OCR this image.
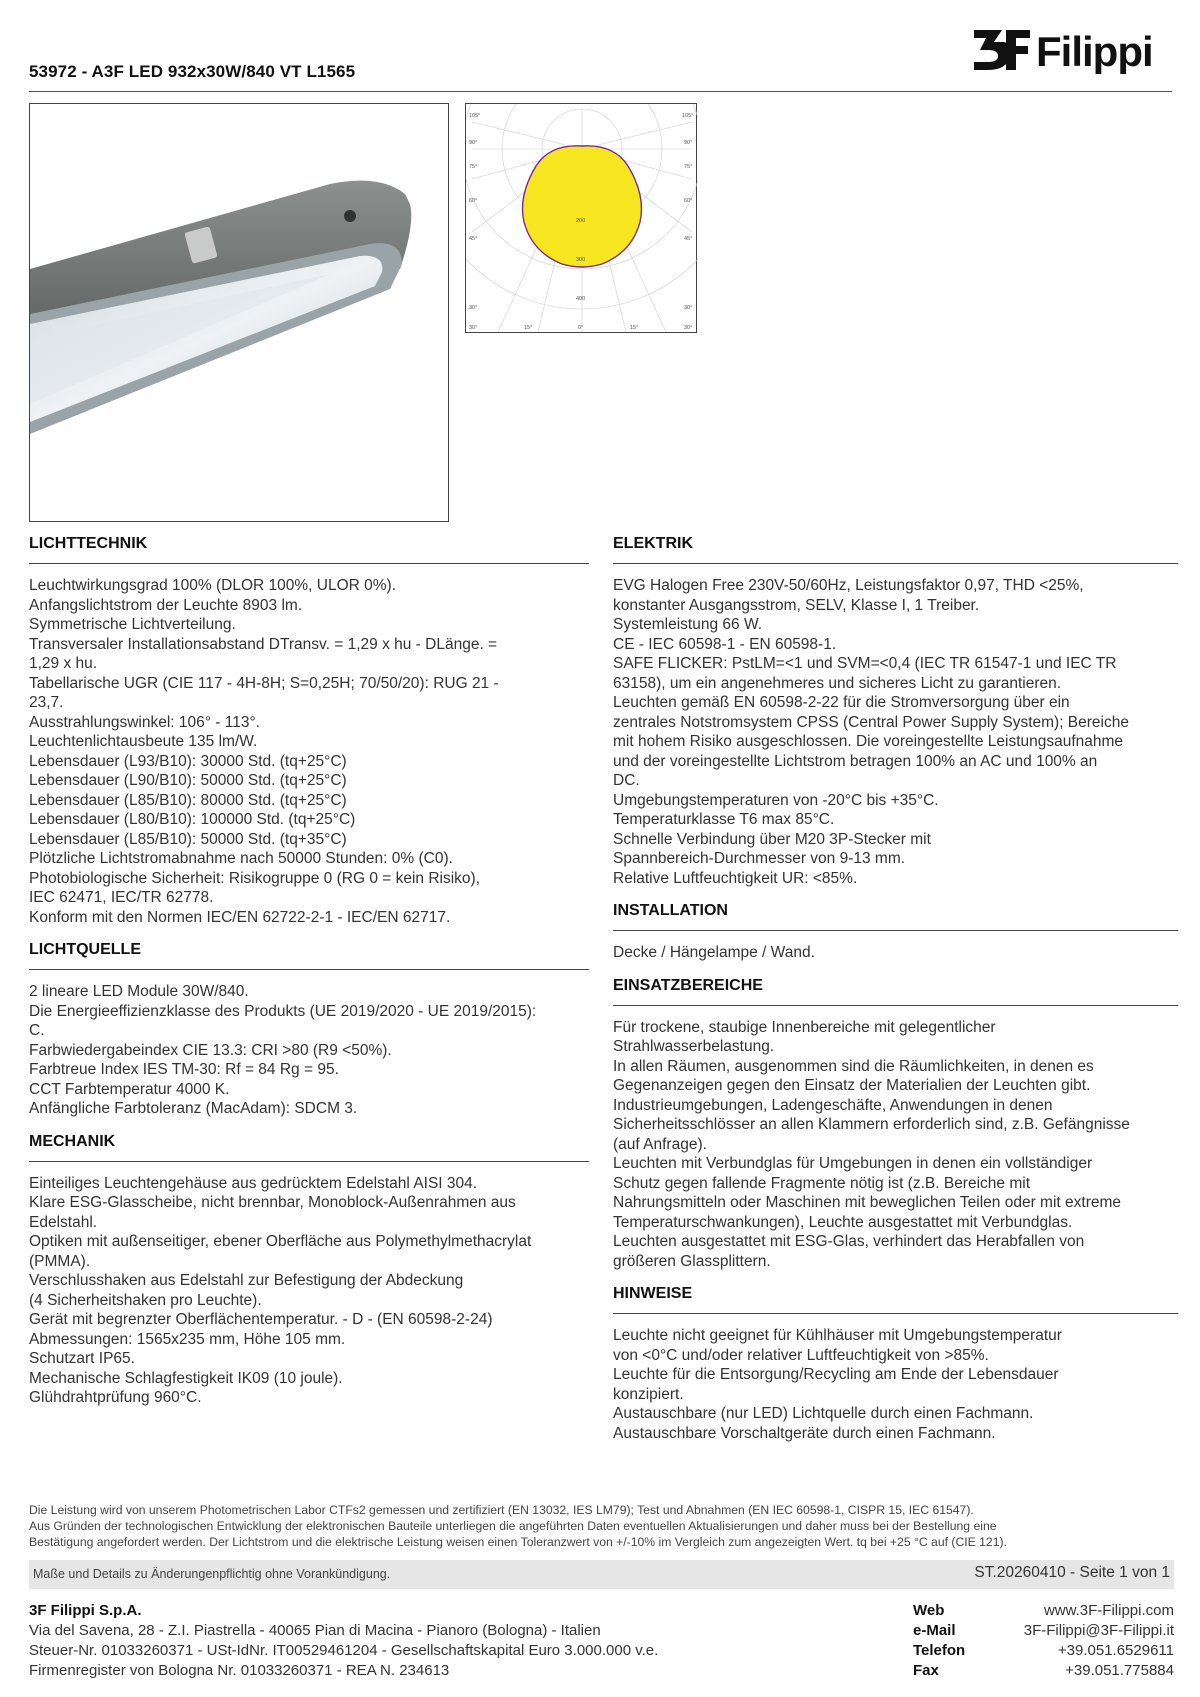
53972 - A3F LED 932x30W/840 VT L1565	Filippi
105°
90°
75°
60°
45°
30°
105°
90°
75°
60°
45°
30°
30°	15°	0°	15°	30°
200
300
400
LICHTTECHNIK
Leuchtwirkungsgrad 100% (DLOR 100%, ULOR 0%).
Anfangslichtstrom der Leuchte 8903 lm.
Symmetrische Lichtverteilung.
Transversaler Installationsabstand DTransv. = 1,29 x hu - DLänge. =
1,29 x hu.
Tabellarische UGR (CIE 117 - 4H-8H; S=0,25H; 70/50/20): RUG 21 -
23,7.
Ausstrahlungswinkel: 106° - 113°.
Leuchtenlichtausbeute 135 lm/W.
Lebensdauer (L93/B10): 30000 Std. (tq+25°C)
Lebensdauer (L90/B10): 50000 Std. (tq+25°C)
Lebensdauer (L85/B10): 80000 Std. (tq+25°C)
Lebensdauer (L80/B10): 100000 Std. (tq+25°C)
Lebensdauer (L85/B10): 50000 Std. (tq+35°C)
Plötzliche Lichtstromabnahme nach 50000 Stunden: 0% (C0).
Photobiologische Sicherheit: Risikogruppe 0 (RG 0 = kein Risiko),
IEC 62471, IEC/TR 62778.
Konform mit den Normen IEC/EN 62722-2-1 - IEC/EN 62717.
LICHTQUELLE
2 lineare LED Module 30W/840.
Die Energieeffizienzklasse des Produkts (UE 2019/2020 - UE 2019/2015):
C.
Farbwiedergabeindex CIE 13.3: CRI >80 (R9 <50%).
Farbtreue Index IES TM-30: Rf = 84 Rg = 95.
CCT Farbtemperatur 4000 K.
Anfängliche Farbtoleranz (MacAdam): SDCM 3.
MECHANIK
Einteiliges Leuchtengehäuse aus gedrücktem Edelstahl AISI 304.
Klare ESG-Glasscheibe, nicht brennbar, Monoblock-Außenrahmen aus
Edelstahl.
Optiken mit außenseitiger, ebener Oberfläche aus Polymethylmethacrylat
(PMMA).
Verschlusshaken aus Edelstahl zur Befestigung der Abdeckung
(4 Sicherheitshaken pro Leuchte).
Gerät mit begrenzter Oberflächentemperatur. - D - (EN 60598-2-24)
Abmessungen: 1565x235 mm, Höhe 105 mm.
Schutzart IP65.
Mechanische Schlagfestigkeit IK09 (10 joule).
Glühdrahtprüfung 960°C.
ELEKTRIK
EVG Halogen Free 230V-50/60Hz, Leistungsfaktor 0,97, THD <25%,
konstanter Ausgangsstrom, SELV, Klasse I, 1 Treiber.
Systemleistung 66 W.
CE - IEC 60598-1 - EN 60598-1.
SAFE FLICKER: PstLM=<1 und SVM=<0,4 (IEC TR 61547-1 und IEC TR
63158), um ein angenehmeres und sicheres Licht zu garantieren.
Leuchten gemäß EN 60598-2-22 für die Stromversorgung über ein
zentrales Notstromsystem CPSS (Central Power Supply System); Bereiche
mit hohem Risiko ausgeschlossen. Die voreingestellte Leistungsaufnahme
und der voreingestellte Lichtstrom betragen 100% an AC und 100% an
DC.
Umgebungstemperaturen von -20°C bis +35°C.
Temperaturklasse T6 max 85°C.
Schnelle Verbindung über M20 3P-Stecker mit
Spannbereich-Durchmesser von 9-13 mm.
Relative Luftfeuchtigkeit UR: <85%.
INSTALLATION
Decke / Hängelampe / Wand.
EINSATZBEREICHE
Für trockene, staubige Innenbereiche mit gelegentlicher
Strahlwasserbelastung.
In allen Räumen, ausgenommen sind die Räumlichkeiten, in denen es
Gegenanzeigen gegen den Einsatz der Materialien der Leuchten gibt.
Industrieumgebungen, Ladengeschäfte, Anwendungen in denen
Sicherheitsschlösser an allen Klammern erforderlich sind, z.B. Gefängnisse
(auf Anfrage).
Leuchten mit Verbundglas für Umgebungen in denen ein vollständiger
Schutz gegen fallende Fragmente nötig ist (z.B. Bereiche mit
Nahrungsmitteln oder Maschinen mit beweglichen Teilen oder mit extreme
Temperaturschwankungen), Leuchte ausgestattet mit Verbundglas.
Leuchten ausgestattet mit ESG-Glas, verhindert das Herabfallen von
größeren Glassplittern.
HINWEISE
Leuchte nicht geeignet für Kühlhäuser mit Umgebungstemperatur
von <0°C und/oder relativer Luftfeuchtigkeit von >85%.
Leuchte für die Entsorgung/Recycling am Ende der Lebensdauer
konzipiert.
Austauschbare (nur LED) Lichtquelle durch einen Fachmann.
Austauschbare Vorschaltgeräte durch einen Fachmann.
Die Leistung wird von unserem Photometrischen Labor CTFs2 gemessen und zertifiziert (EN 13032, IES LM79); Test und Abnahmen (EN IEC 60598-1, CISPR 15, IEC 61547).
Aus Gründen der technologischen Entwicklung der elektronischen Bauteile unterliegen die angeführten Daten eventuellen Aktualisierungen und daher muss bei der Bestellung eine
Bestätigung angefordert werden. Der Lichtstrom und die elektrische Leistung weisen einen Toleranzwert von +/-10% im Vergleich zum angezeigten Wert. tq bei +25 °C auf (CIE 121).
Maße und Details zu Änderungenpflichtig ohne Vorankündigung.	ST.20260410 - Seite 1 von 1
3F Filippi S.p.A.
Via del Savena, 28 - Z.I. Piastrella - 40065 Pian di Macina - Pianoro (Bologna) - Italien
Steuer-Nr. 01033260371 - USt-IdNr. IT00529461204 - Gesellschaftskapital Euro 3.000.000 v.e.
Firmenregister von Bologna Nr. 01033260371 - REA N. 234613
Web	www.3F-Filippi.com
e-Mail	3F-Filippi@3F-Filippi.it
Telefon	+39.051.6529611
Fax	+39.051.775884
